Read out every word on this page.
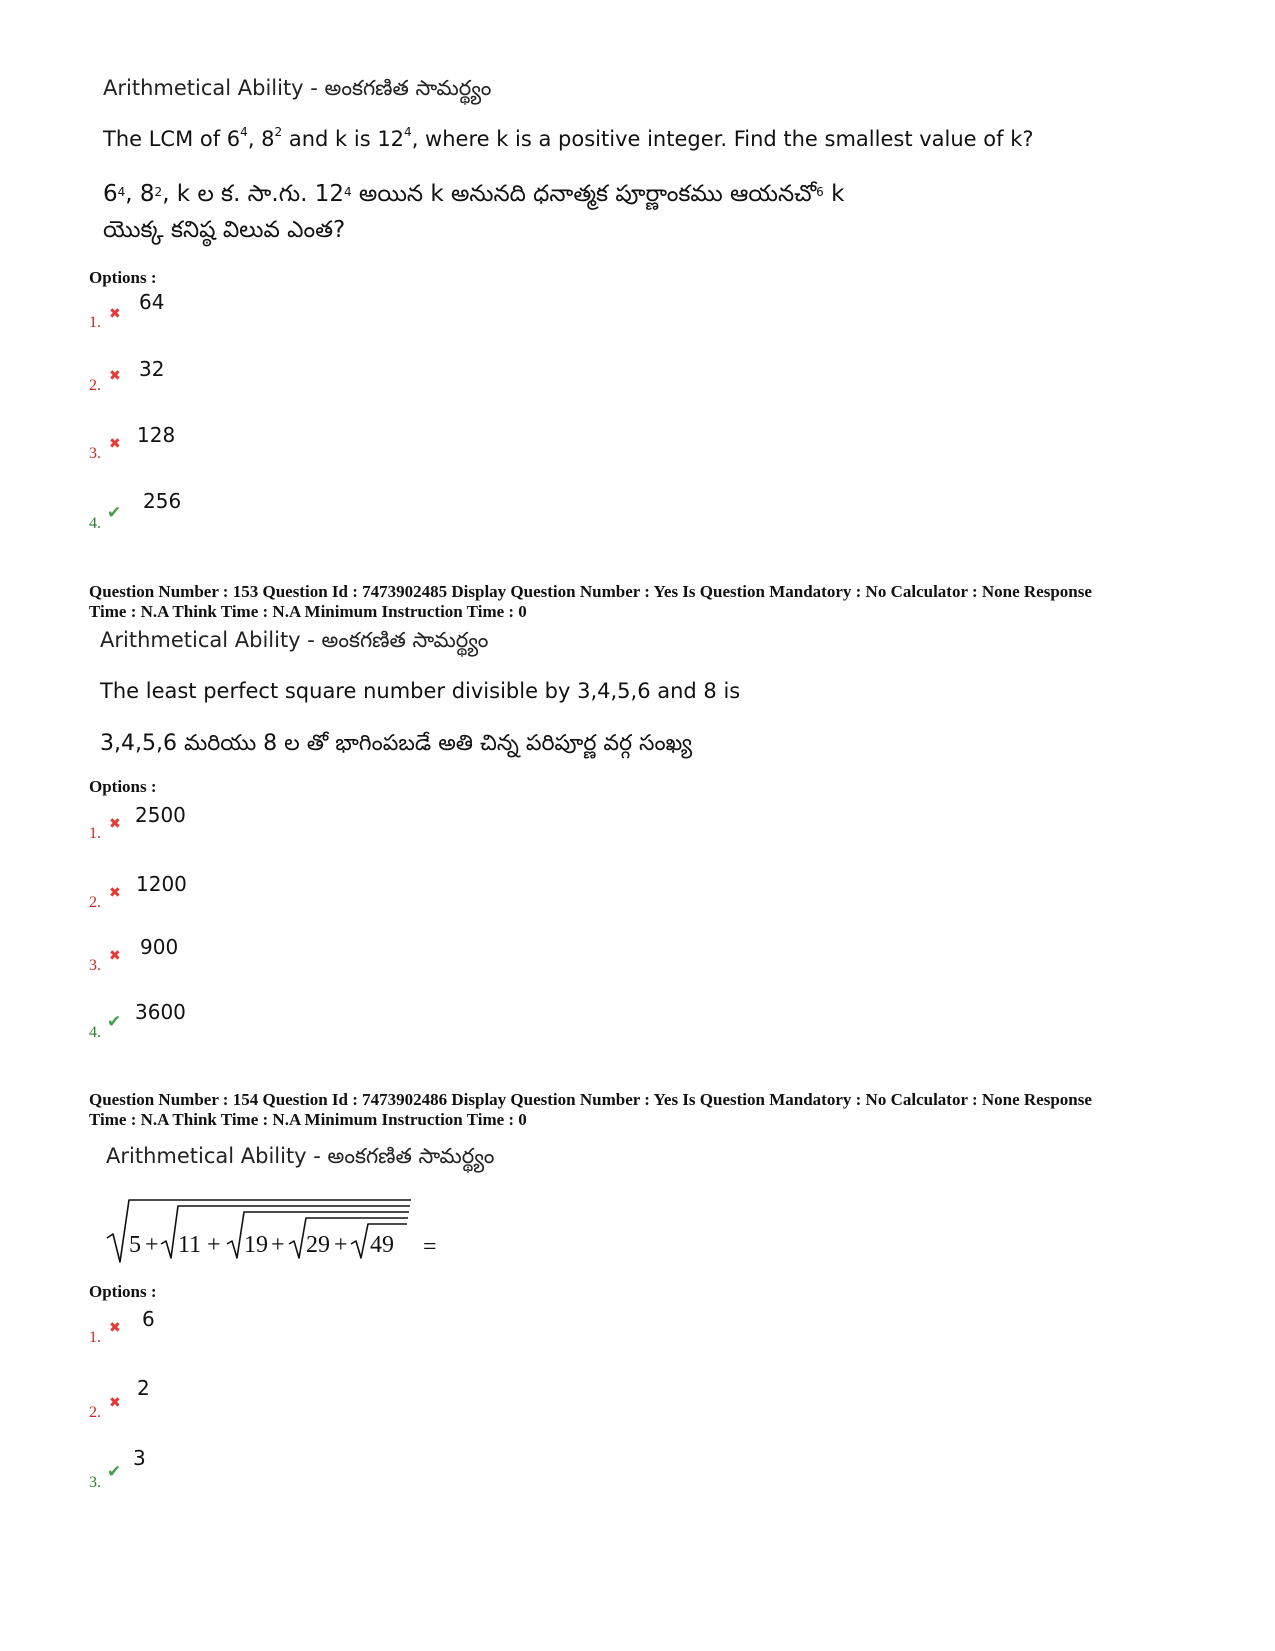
Arithmetical Ability - అంకగణిత సామర్థ్యం
The LCM of $6^4$, $8^2$ and k is $12^4$, where k is a positive integer. Find the smallest value of k?
$6^4$, $8^2$, k ల క. సా.గు. $12^4$ అయిన k అనునది ధనాత్మక పూర్ణాంకము ఆయనచో$^6$ k
యొక్క కనిష్ఠ విలువ ఎంత?
Options :
1. ✖ 64
2.
✖ 32
3.
✖ 128
4.
✔ 256
Question Number : 153 Question Id : 7473902485 Display Question Number : Yes Is Question Mandatory : No Calculator : None Response
Time : N.A Think Time : N.A Minimum Instruction Time : 0
Arithmetical Ability - అంకగణిత సామర్థ్యం
The least perfect square number divisible by 3,4,5,6 and 8 is
3,4,5,6 మరియు 8 ల తో భాగింపబడే అతి చిన్న పరిపూర్ణ వర్గ సంఖ్య
Options :
1.
✖ 2500
2.
✖ 1200
3.
✖ 900
4.
✔ 3600
Question Number : 154 Question Id : 7473902486 Display Question Number : Yes Is Question Mandatory : No Calculator : None Response
Time : N.A Think Time : N.A Minimum Instruction Time : 0
Arithmetical Ability - అంకగణిత సామర్థ్యం
5 + 11 + 19 + 29 + 49 =
Options :
1.
✖ 6
2.
✖
2
3.
✔
3
